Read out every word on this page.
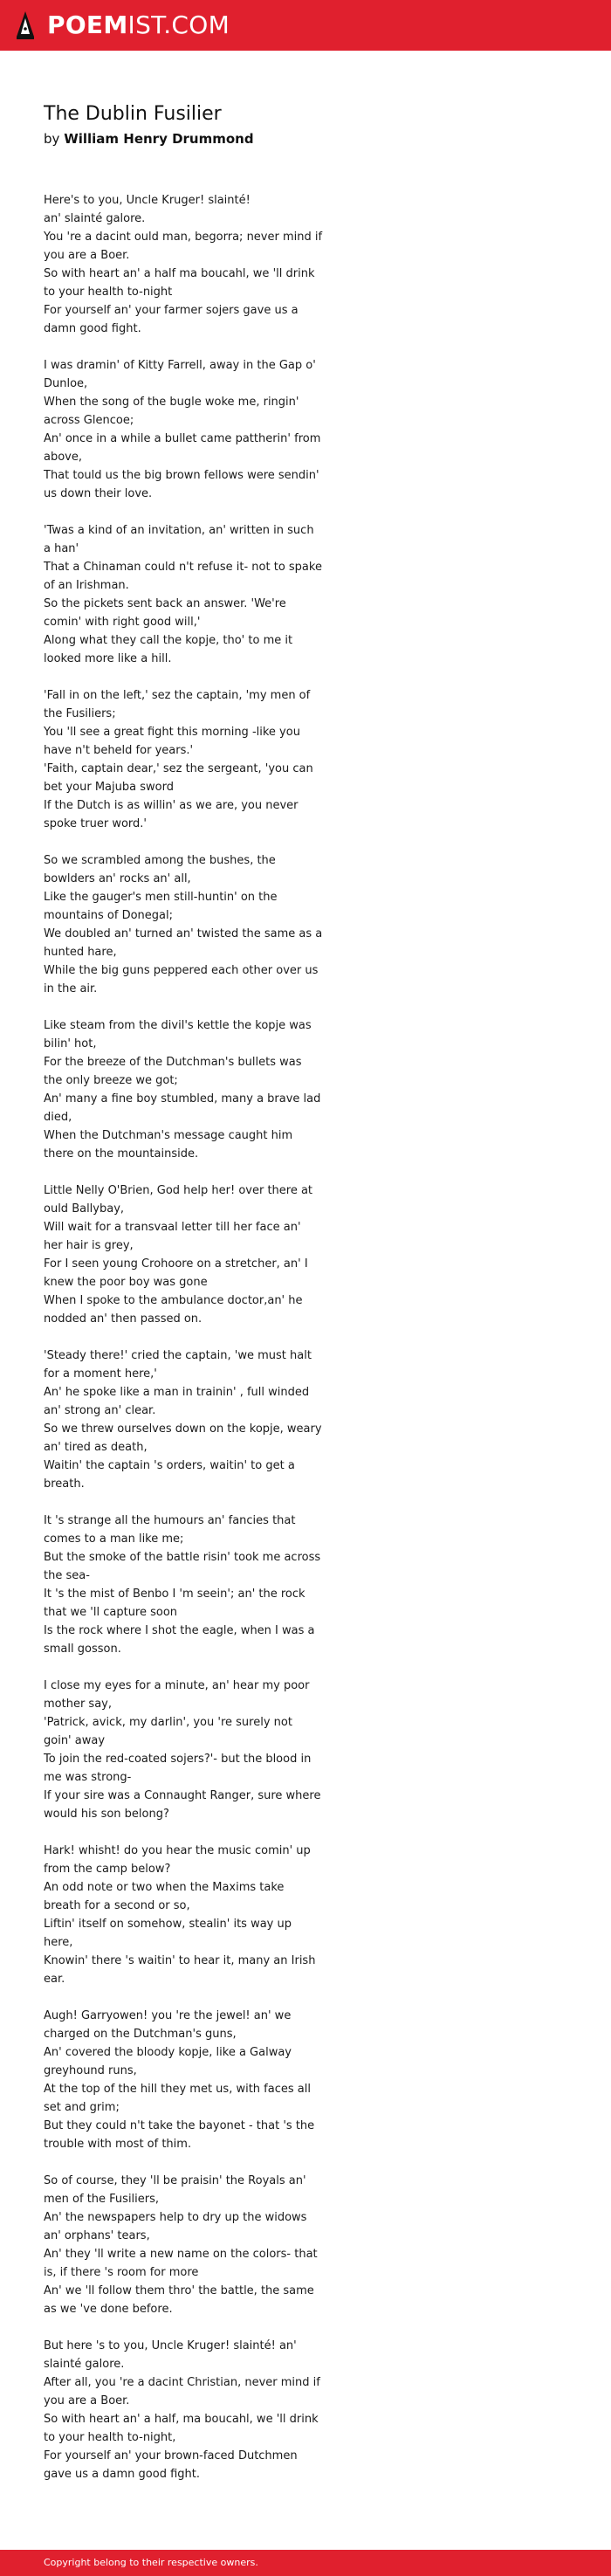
POEMIST.COM
The Dublin Fusilier
by William Henry Drummond
Here's to you, Uncle Kruger! slainté!
an' slainté galore.
You 're a dacint ould man, begorra; never mind if you are a Boer.
So with heart an' a half ma boucahl, we 'll drink to your health to-night
For yourself an' your farmer sojers gave us a damn good fight.
I was dramin' of Kitty Farrell, away in the Gap o' Dunloe,
When the song of the bugle woke me, ringin' across Glencoe;
An' once in a while a bullet came pattherin' from above,
That tould us the big brown fellows were sendin' us down their love.
'Twas a kind of an invitation, an' written in such a han'
That a Chinaman could n't refuse it- not to spake of an Irishman.
So the pickets sent back an answer. 'We're comin' with right good will,'
Along what they call the kopje, tho' to me it looked more like a hill.
'Fall in on the left,' sez the captain, 'my men of the Fusiliers;
You 'll see a great fight this morning -like you have n't beheld for years.'
'Faith, captain dear,' sez the sergeant, 'you can bet your Majuba sword
If the Dutch is as willin' as we are, you never spoke truer word.'
So we scrambled among the bushes, the bowlders an' rocks an' all,
Like the gauger's men still-huntin' on the mountains of Donegal;
We doubled an' turned an' twisted the same as a hunted hare,
While the big guns peppered each other over us in the air.
Like steam from the divil's kettle the kopje was bilin' hot,
For the breeze of the Dutchman's bullets was the only breeze we got;
An' many a fine boy stumbled, many a brave lad died,
When the Dutchman's message caught him there on the mountainside.
Little Nelly O'Brien, God help her! over there at ould Ballybay,
Will wait for a transvaal letter till her face an' her hair is grey,
For I seen young Crohoore on a stretcher, an' I knew the poor boy was gone
When I spoke to the ambulance doctor,an' he nodded an' then passed on.
'Steady there!' cried the captain, 'we must halt for a moment here,'
An' he spoke like a man in trainin' , full winded an' strong an' clear.
So we threw ourselves down on the kopje, weary an' tired as death,
Waitin' the captain 's orders, waitin' to get a breath.
It 's strange all the humours an' fancies that comes to a man like me;
But the smoke of the battle risin' took me across the sea-
It 's the mist of Benbo I 'm seein'; an' the rock that we 'll capture soon
Is the rock where I shot the eagle, when I was a small gosson.
I close my eyes for a minute, an' hear my poor mother say,
'Patrick, avick, my darlin', you 're surely not goin' away
To join the red-coated sojers?'- but the blood in me was strong-
If your sire was a Connaught Ranger, sure where would his son belong?
Hark! whisht! do you hear the music comin' up from the camp below?
An odd note or two when the Maxims take breath for a second or so,
Liftin' itself on somehow, stealin' its way up here,
Knowin' there 's waitin' to hear it, many an Irish ear.
Augh! Garryowen! you 're the jewel! an' we charged on the Dutchman's guns,
An' covered the bloody kopje, like a Galway greyhound runs,
At the top of the hill they met us, with faces all set and grim;
But they could n't take the bayonet - that 's the trouble with most of thim.
So of course, they 'll be praisin' the Royals an' men of the Fusiliers,
An' the newspapers help to dry up the widows an' orphans' tears,
An' they 'll write a new name on the colors- that is, if there 's room for more
An' we 'll follow them thro' the battle, the same as we 've done before.
But here 's to you, Uncle Kruger! slainté! an' slainté galore.
After all, you 're a dacint Christian, never mind if you are a Boer.
So with heart an' a half, ma boucahl, we 'll drink to your health to-night,
For yourself an' your brown-faced Dutchmen gave us a damn good fight.
Copyright belong to their respective owners.
